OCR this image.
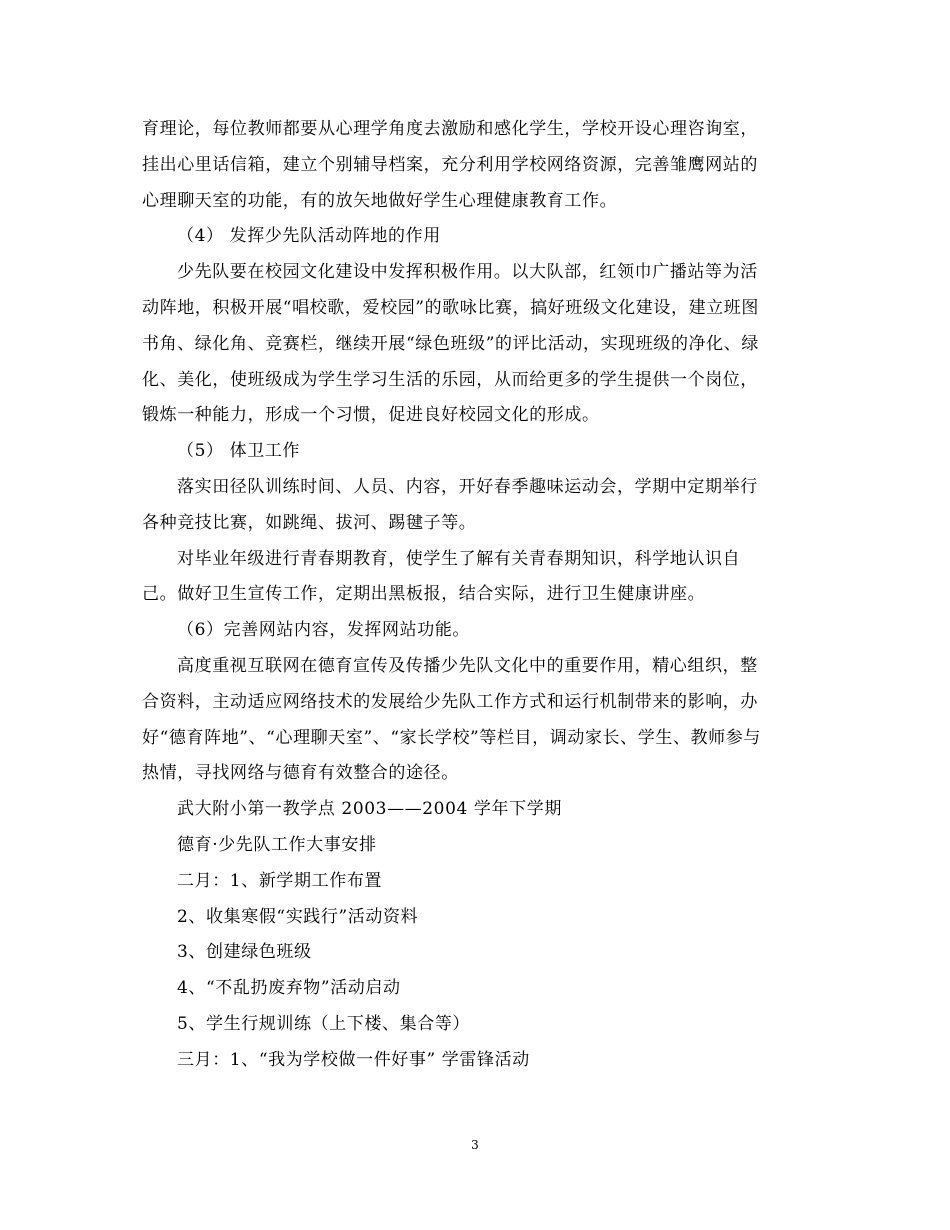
育理论，每位教师都要从心理学角度去激励和感化学生，学校开设心理咨询室，

挂出心里话信箱，建立个别辅导档案，充分利用学校网络资源，完善雏鹰网站的

心理聊天室的功能，有的放矢地做好学生心理健康教育工作。

（4） 发挥少先队活动阵地的作用

少先队要在校园文化建设中发挥积极作用。以大队部，红领巾广播站等为活

动阵地，积极开展“唱校歌，爱校园”的歌咏比赛，搞好班级文化建设，建立班图

书角、绿化角、竞赛栏，继续开展“绿色班级”的评比活动，实现班级的净化、绿

化、美化，使班级成为学生学习生活的乐园，从而给更多的学生提供一个岗位，

锻炼一种能力，形成一个习惯，促进良好校园文化的形成。

（5） 体卫工作

落实田径队训练时间、人员、内容，开好春季趣味运动会，学期中定期举行

各种竞技比赛，如跳绳、拔河、踢毽子等。

对毕业年级进行青春期教育，使学生了解有关青春期知识，科学地认识自

己。做好卫生宣传工作，定期出黑板报，结合实际，进行卫生健康讲座。

（6）完善网站内容，发挥网站功能。

高度重视互联网在德育宣传及传播少先队文化中的重要作用，精心组织，整

合资料，主动适应网络技术的发展给少先队工作方式和运行机制带来的影响，办

好“德育阵地”、“心理聊天室”、“家长学校”等栏目，调动家长、学生、教师参与

热情，寻找网络与德育有效整合的途径。

武大附小第一教学点 2003——2004 学年下学期

德育·少先队工作大事安排

二月：1、新学期工作布置

2、收集寒假“实践行”活动资料

3、创建绿色班级

4、“不乱扔废弃物”活动启动

5、学生行规训练（上下楼、集合等）

三月：1、“我为学校做一件好事” 学雷锋活动

3
